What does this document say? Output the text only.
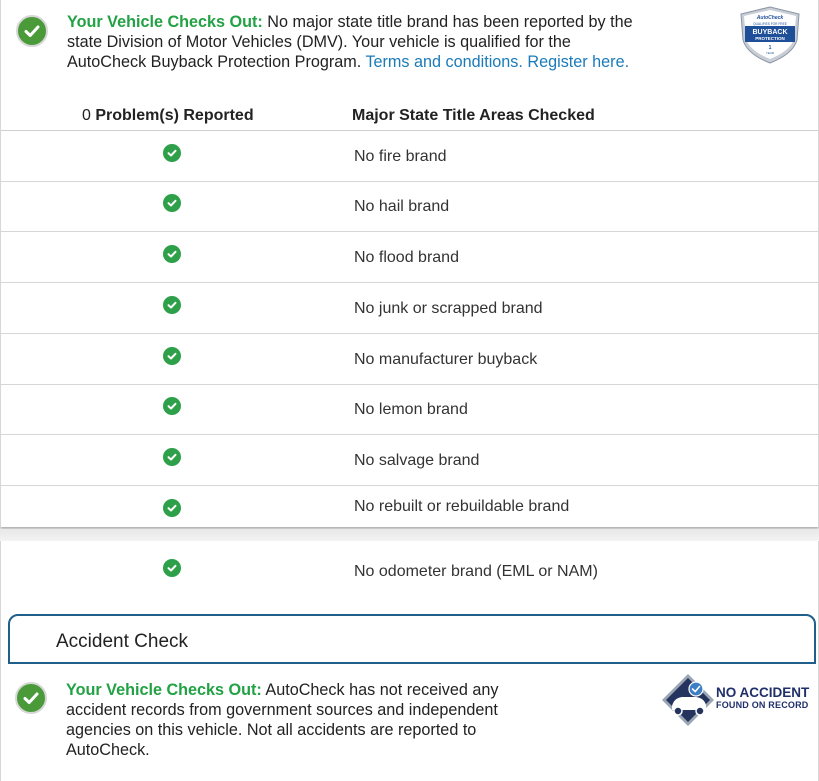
Your Vehicle Checks Out: No major state title brand has been reported by the state Division of Motor Vehicles (DMV). Your vehicle is qualified for the AutoCheck Buyback Protection Program. Terms and conditions. Register here.
AutoCheck
QUALIFIES FOR FREE
BUYBACK
PROTECTION
1
YEAR
0 Problem(s) Reported	Major State Title Areas Checked
No fire brand
No hail brand
No flood brand
No junk or scrapped brand
No manufacturer buyback
No lemon brand
No salvage brand
No rebuilt or rebuildable brand
No odometer brand (EML or NAM)
Accident Check
Your Vehicle Checks Out: AutoCheck has not received any accident records from government sources and independent agencies on this vehicle. Not all accidents are reported to AutoCheck.
NO ACCIDENT
FOUND ON RECORD
